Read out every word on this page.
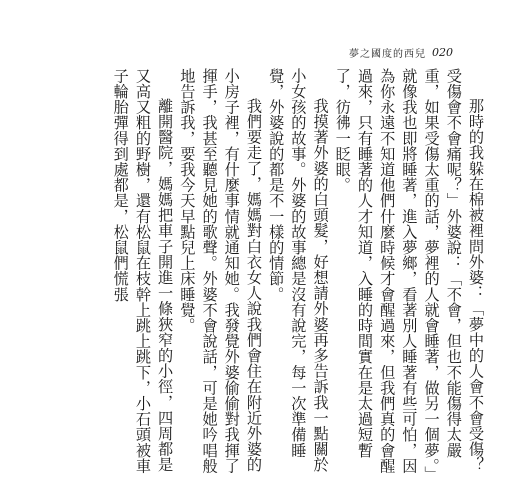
夢之國度的西兒 020

那時的我躲在棉被裡問外婆：「夢中的人會不會受傷？受傷會不會痛呢？」外婆說：「不會，但也不能傷得太嚴重，如果受傷太重的話，夢裡的人就會睡著，做另一個夢。」就像我也即將睡著，進入夢鄉，看著別人睡著有些可怕，因為你永遠不知道他們什麼時候才會醒過來，但我們真的會醒過來，只有睡著的人才知道，入睡的時間實在是太過短暫了，彷彿一眨眼。

我摸著外婆的白頭髮，好想請外婆再多告訴我一點關於小女孩的故事。外婆的故事總是沒有說完，每一次準備睡覺，外婆說的都是不一樣的情節。

我們要走了，媽媽對白衣女人說我們會住在附近外婆的小房子裡，有什麼事情就通知她。我發覺外婆偷偷對我揮了揮手，我甚至聽見她的歌聲。外婆不會說話，可是她吟唱般地告訴我，要我今天早點兒上床睡覺。

離開醫院，媽媽把車子開進一條狹窄的小徑，四周都是又高又粗的野樹，還有松鼠在枝幹上跳上跳下，小石頭被車子輪胎彈得到處都是，松鼠們慌張
